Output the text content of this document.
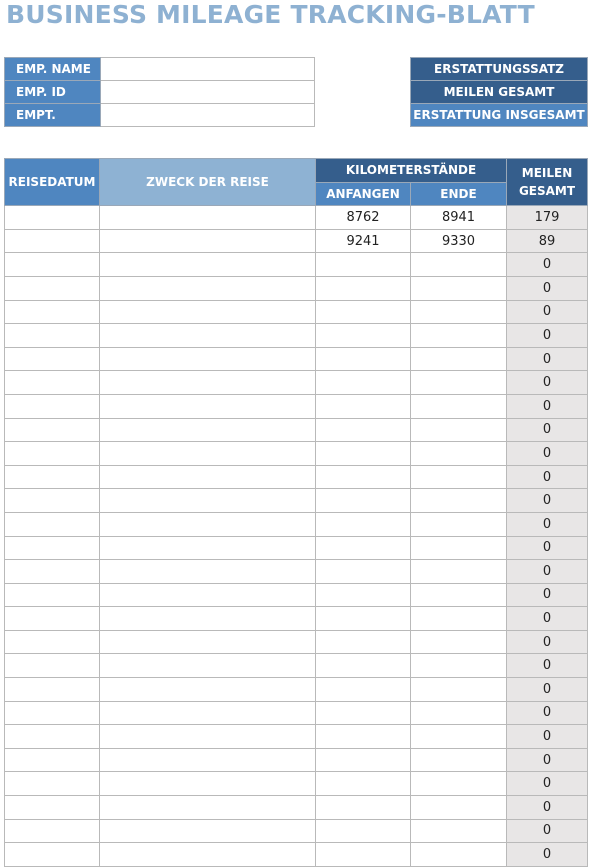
BUSINESS MILEAGE TRACKING-BLATT
EMP. NAME	
EMP. ID	
EMPT.	
ERSTATTUNGSSATZ
MEILEN GESAMT
ERSTATTUNG INSGESAMT
REISEDATUM	ZWECK DER REISE	KILOMETERSTÄNDE		MEILEN GESAMT
		ANFANGEN	ENDE	
		8762	8941	179
		9241	9330	89
				0
				0
				0
				0
				0
				0
				0
				0
				0
				0
				0
				0
				0
				0
				0
				0
				0
				0
				0
				0
				0
				0
				0
				0
				0
				0
